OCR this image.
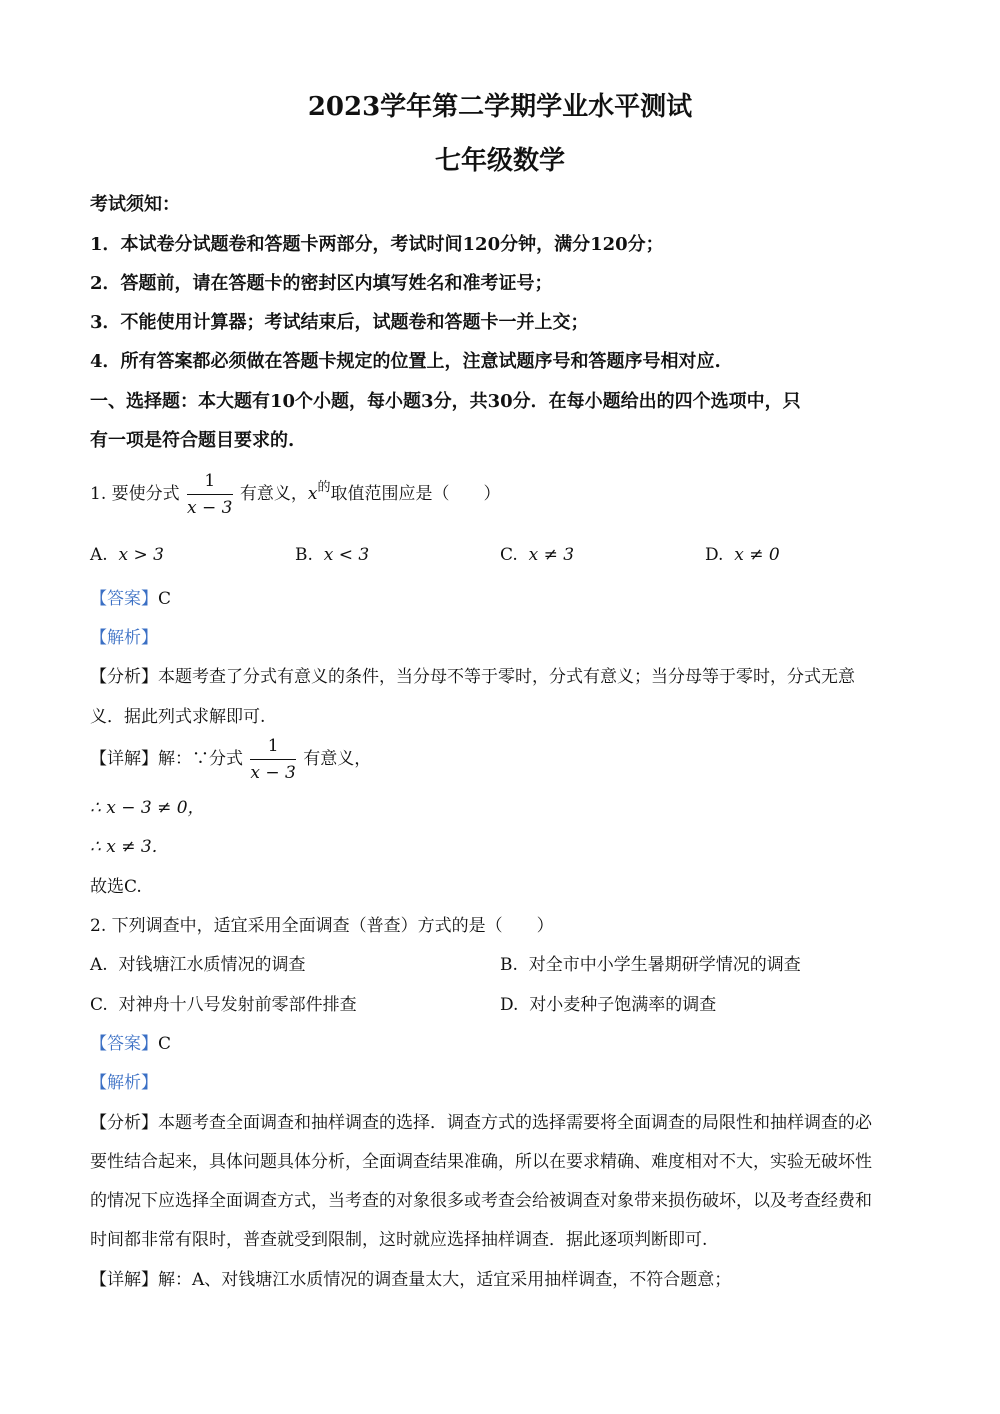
2023学年第二学期学业水平测试
七年级数学
考试须知：
1．本试卷分试题卷和答题卡两部分，考试时间120分钟，满分120分；
2．答题前，请在答题卡的密封区内填写姓名和准考证号；
3．不能使用计算器；考试结束后，试题卷和答题卡一并上交；
4．所有答案都必须做在答题卡规定的位置上，注意试题序号和答题序号相对应.
一、选择题：本大题有10个小题，每小题3分，共30分．在每小题给出的四个选项中，只
有一项是符合题目要求的.
1. 要使分式 $\frac{1}{x - 3}$ 有意义，$x^的$取值范围应是（　　）
A. x > 3	B. x < 3	C. x ≠ 3	D. x ≠ 0
【答案】C
【解析】
【分析】本题考查了分式有意义的条件，当分母不等于零时，分式有意义；当分母等于零时，分式无意
义．据此列式求解即可.
【详解】解：∵分式 $\frac{1}{x - 3}$ 有意义，
∴ x − 3 ≠ 0，
∴ x ≠ 3．
故选C.
2. 下列调查中，适宜采用全面调查（普查）方式的是（　　）
A. 对钱塘江水质情况的调查	B. 对全市中小学生暑期研学情况的调查
C. 对神舟十八号发射前零部件排查	D. 对小麦种子饱满率的调查
【答案】C
【解析】
【分析】本题考查全面调查和抽样调查的选择．调查方式的选择需要将全面调查的局限性和抽样调查的必
要性结合起来，具体问题具体分析，全面调查结果准确，所以在要求精确、难度相对不大，实验无破坏性
的情况下应选择全面调查方式，当考查的对象很多或考查会给被调查对象带来损伤破坏，以及考查经费和
时间都非常有限时，普查就受到限制，这时就应选择抽样调查．据此逐项判断即可.
【详解】解：A、对钱塘江水质情况的调查量太大，适宜采用抽样调查，不符合题意；
